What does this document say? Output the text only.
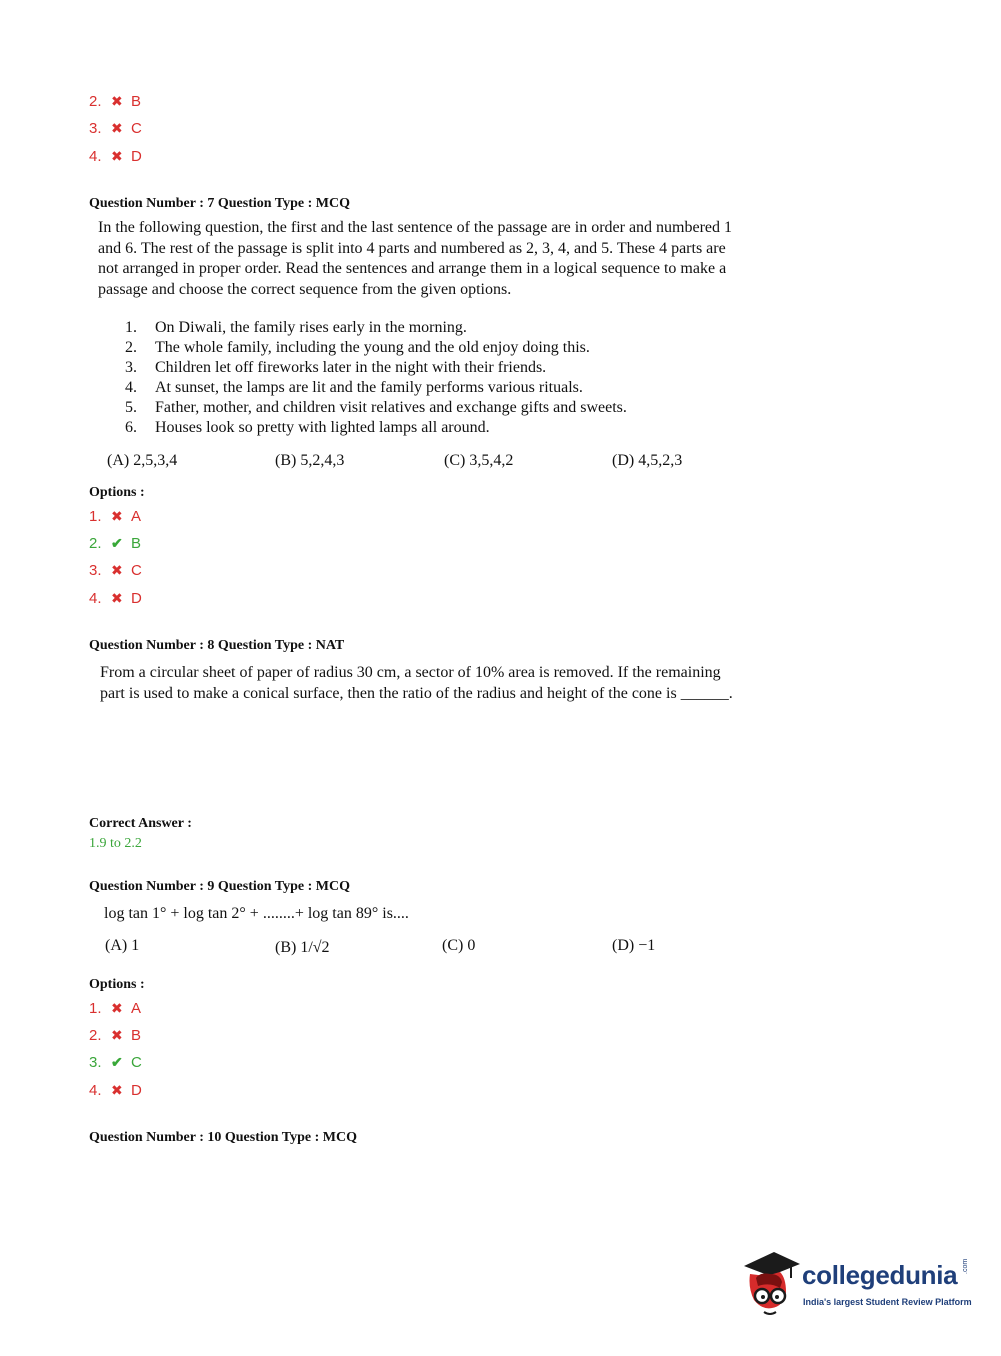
2. ✖ B
3. ✖ C
4. ✖ D
Question Number : 7 Question Type : MCQ
In the following question, the first and the last sentence of the passage are in order and numbered 1
and 6. The rest of the passage is split into 4 parts and numbered as 2, 3, 4, and 5. These 4 parts are
not arranged in proper order. Read the sentences and arrange them in a logical sequence to make a
passage and choose the correct sequence from the given options.
1. On Diwali, the family rises early in the morning.
2. The whole family, including the young and the old enjoy doing this.
3. Children let off fireworks later in the night with their friends.
4. At sunset, the lamps are lit and the family performs various rituals.
5. Father, mother, and children visit relatives and exchange gifts and sweets.
6. Houses look so pretty with lighted lamps all around.
(A) 2,5,3,4	(B) 5,2,4,3	(C) 3,5,4,2	(D) 4,5,2,3
Options :
1. ✖ A
2. ✔ B
3. ✖ C
4. ✖ D
Question Number : 8 Question Type : NAT
From a circular sheet of paper of radius 30 cm, a sector of 10% area is removed. If the remaining
part is used to make a conical surface, then the ratio of the radius and height of the cone is ______.
Correct Answer :
1.9 to 2.2
Question Number : 9 Question Type : MCQ
log tan 1° + log tan 2° + ........+ log tan 89° is....
(A) 1	(B) 1/√2	(C) 0	(D) −1
Options :
1. ✖ A
2. ✖ B
3. ✔ C
4. ✖ D
Question Number : 10 Question Type : MCQ
collegedunia .com
India's largest Student Review Platform
